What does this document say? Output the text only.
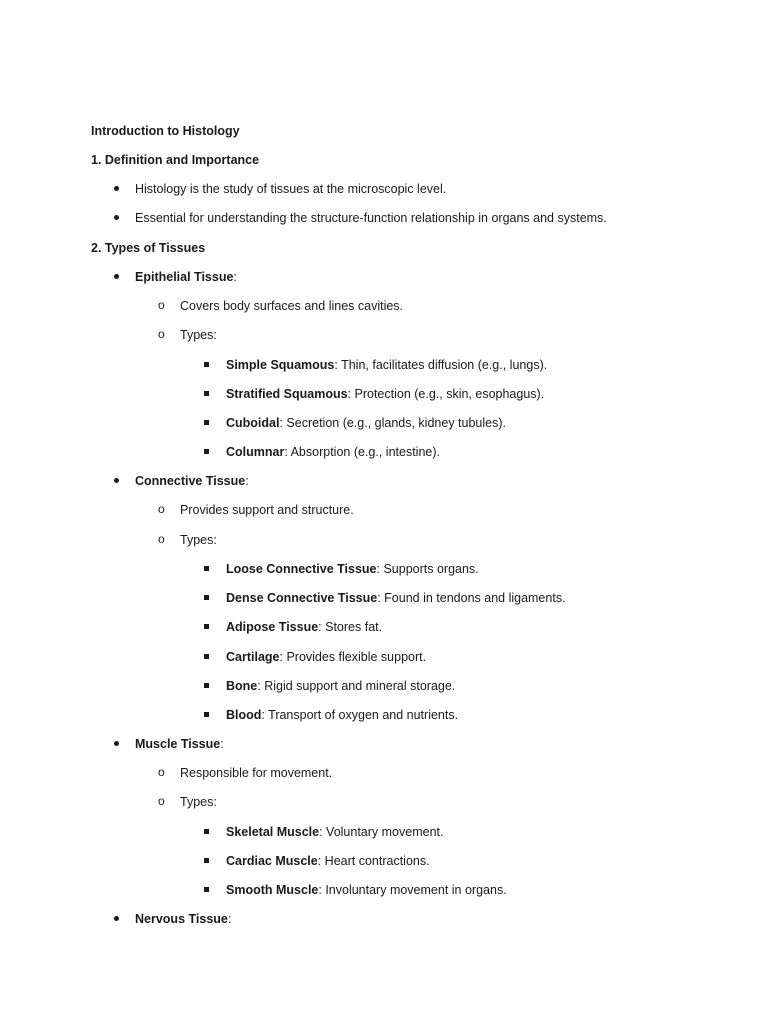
Introduction to Histology
1. Definition and Importance
Histology is the study of tissues at the microscopic level.
Essential for understanding the structure-function relationship in organs and systems.
2. Types of Tissues
Epithelial Tissue:
o Covers body surfaces and lines cavities.
o Types:
Simple Squamous: Thin, facilitates diffusion (e.g., lungs).
Stratified Squamous: Protection (e.g., skin, esophagus).
Cuboidal: Secretion (e.g., glands, kidney tubules).
Columnar: Absorption (e.g., intestine).
Connective Tissue:
o Provides support and structure.
o Types:
Loose Connective Tissue: Supports organs.
Dense Connective Tissue: Found in tendons and ligaments.
Adipose Tissue: Stores fat.
Cartilage: Provides flexible support.
Bone: Rigid support and mineral storage.
Blood: Transport of oxygen and nutrients.
Muscle Tissue:
o Responsible for movement.
o Types:
Skeletal Muscle: Voluntary movement.
Cardiac Muscle: Heart contractions.
Smooth Muscle: Involuntary movement in organs.
Nervous Tissue:
